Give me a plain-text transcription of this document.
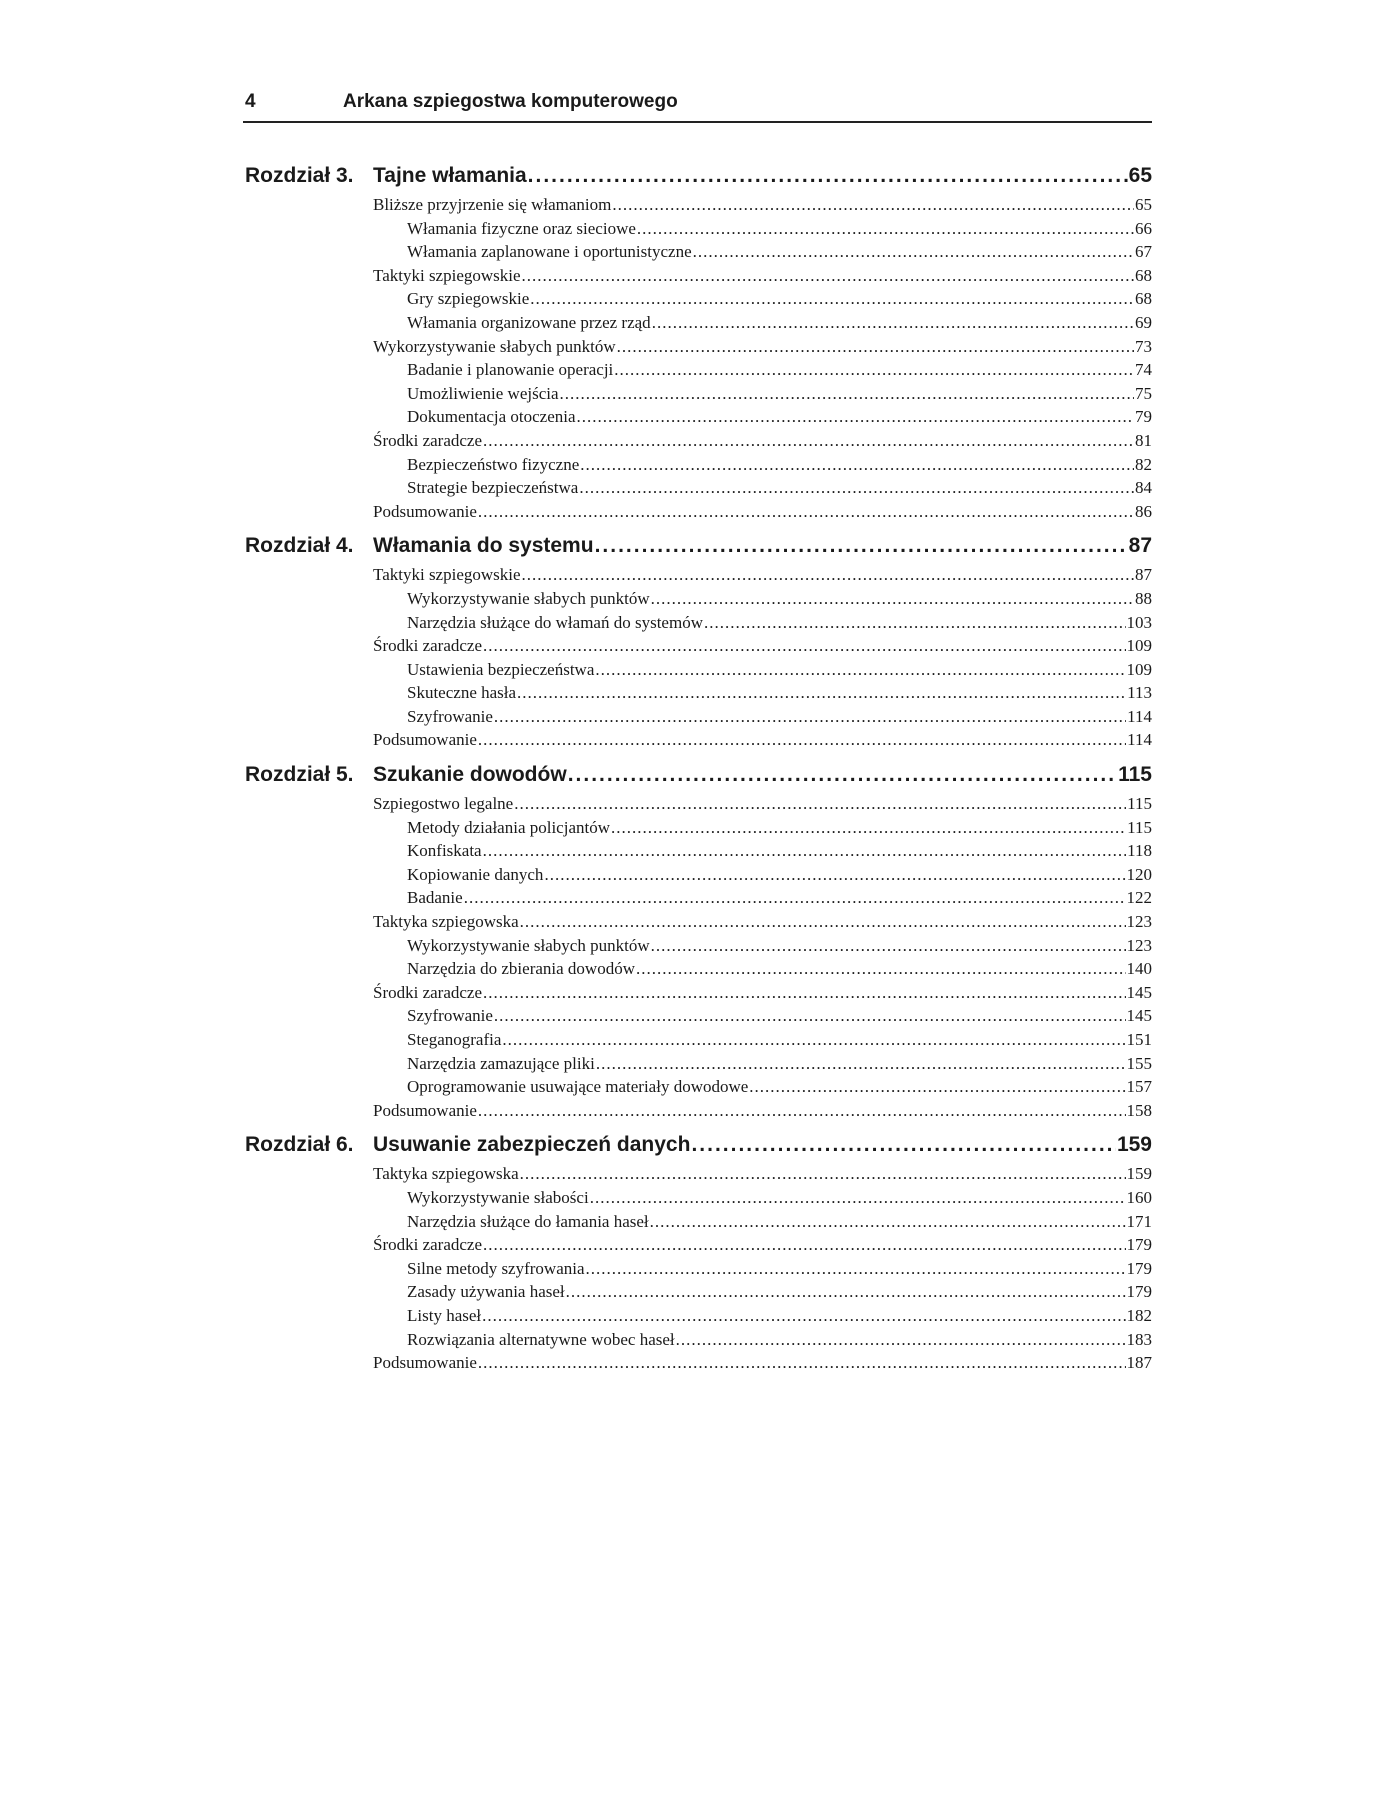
4	Arkana szpiegostwa komputerowego
Rozdział 3. Tajne włamania .....	65
Bliższe przyjrzenie się włamaniom .....	65
Włamania fizyczne oraz sieciowe .....	66
Włamania zaplanowane i oportunistyczne .....	67
Taktyki szpiegowskie .....	68
Gry szpiegowskie .....	68
Włamania organizowane przez rząd .....	69
Wykorzystywanie słabych punktów .....	73
Badanie i planowanie operacji .....	74
Umożliwienie wejścia .....	75
Dokumentacja otoczenia .....	79
Środki zaradcze .....	81
Bezpieczeństwo fizyczne .....	82
Strategie bezpieczeństwa .....	84
Podsumowanie .....	86
Rozdział 4. Włamania do systemu .....	87
Taktyki szpiegowskie .....	87
Wykorzystywanie słabych punktów .....	88
Narzędzia służące do włamań do systemów .....	103
Środki zaradcze .....	109
Ustawienia bezpieczeństwa .....	109
Skuteczne hasła .....	113
Szyfrowanie .....	114
Podsumowanie .....	114
Rozdział 5. Szukanie dowodów .....	115
Szpiegostwo legalne .....	115
Metody działania policjantów .....	115
Konfiskata .....	118
Kopiowanie danych .....	120
Badanie .....	122
Taktyka szpiegowska .....	123
Wykorzystywanie słabych punktów .....	123
Narzędzia do zbierania dowodów .....	140
Środki zaradcze .....	145
Szyfrowanie .....	145
Steganografia .....	151
Narzędzia zamazujące pliki .....	155
Oprogramowanie usuwające materiały dowodowe .....	157
Podsumowanie .....	158
Rozdział 6. Usuwanie zabezpieczeń danych .....	159
Taktyka szpiegowska .....	159
Wykorzystywanie słabości .....	160
Narzędzia służące do łamania haseł .....	171
Środki zaradcze .....	179
Silne metody szyfrowania .....	179
Zasady używania haseł .....	179
Listy haseł .....	182
Rozwiązania alternatywne wobec haseł .....	183
Podsumowanie .....	187
